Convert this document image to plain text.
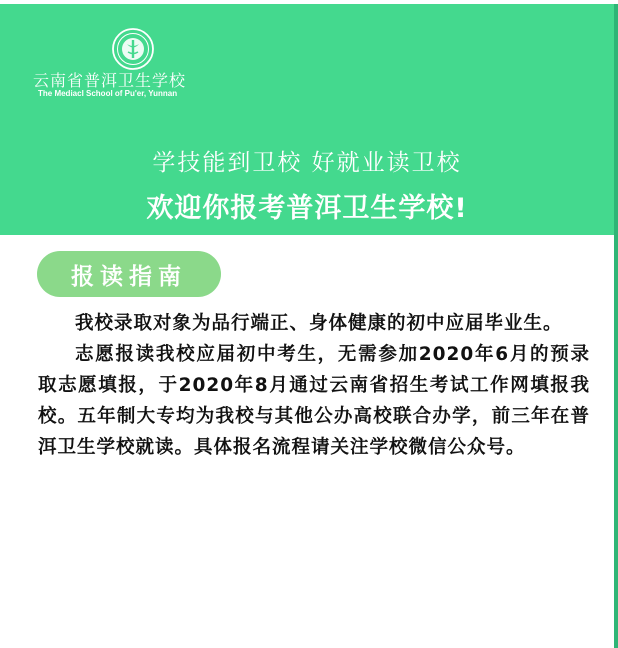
云南省普洱卫生学校
The Mediacl School of Pu'er, Yunnan
学技能到卫校 好就业读卫校
欢迎你报考普洱卫生学校!
报读指南

我校录取对象为品行端正、身体健康的初中应届毕业生。

志愿报读我校应届初中考生，无需参加2020年6月的预录取志愿填报，于2020年8月通过云南省招生考试工作网填报我校。五年制大专均为我校与其他公办高校联合办学，前三年在普洱卫生学校就读。具体报名流程请关注学校微信公众号。
